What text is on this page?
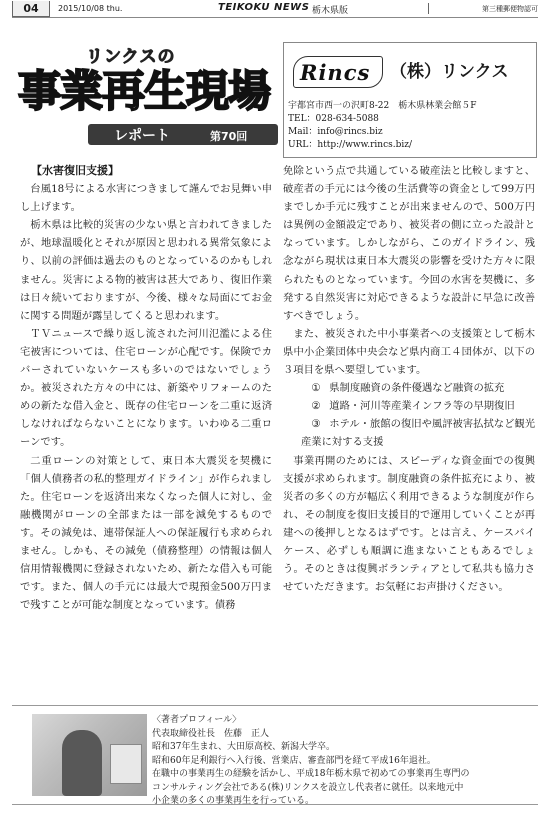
04	2015/10/08 thu.	TEIKOKU NEWS 栃木県版	第三種郵便物認可
リンクスの
事業再生現場
レポート	第70回
Rincs （株）リンクス
宇都宮市西一の沢町8-22　栃木県林業会館５F
TEL：028-634-5088
Mail：info@rincs.biz
URL：http://www.rincs.biz/

【水害復旧支援】

台風18号による水害につきまして謹んでお見舞い申し上げます。

栃木県は比較的災害の少ない県と言われてきましたが、地球温暖化とそれが原因と思われる異常気象により、以前の評価は過去のものとなっているのかもしれません。災害による物的被害は甚大であり、復旧作業は日々続いておりますが、今後、様々な局面にてお金に関する問題が露呈してくると思われます。

ＴＶニュースで繰り返し流された河川氾濫による住宅被害については、住宅ローンが心配です。保険でカバーされていないケースも多いのではないでしょうか。被災された方々の中には、新築やリフォームのための新たな借入金と、既存の住宅ローンを二重に返済しなければならないことになります。いわゆる二重ローンです。

二重ローンの対策として、東日本大震災を契機に「個人債務者の私的整理ガイドライン」が作られました。住宅ローンを返済出来なくなった個人に対し、金融機関がローンの全部または一部を減免するものです。その減免は、連帯保証人への保証履行も求められません。しかも、その減免（債務整理）の情報は個人信用情報機関に登録されないため、新たな借入も可能です。また、個人の手元には最大で現預金500万円まで残すことが可能な制度となっています。債務

免除という点で共通している破産法と比較しますと、破産者の手元には今後の生活費等の資金として99万円までしか手元に残すことが出来ませんので、500万円は異例の金額設定であり、被災者の側に立った設計となっています。しかしながら、このガイドライン、残念ながら現状は東日本大震災の影響を受けた方々に限られたものとなっています。今回の水害を契機に、多発する自然災害に対応できるような設計に早急に改善すべきでしょう。

また、被災された中小事業者への支援策として栃木県中小企業団体中央会など県内商工４団体が、以下の３項目を県へ要望しています。

① 県制度融資の条件優遇など融資の拡充

② 道路・河川等産業インフラ等の早期復旧

③ ホテル・旅館の復旧や風評被害払拭など観光産業に対する支援

事業再開のためには、スピーディな資金面での復興支援が求められます。制度融資の条件拡充により、被災者の多くの方が幅広く利用できるような制度が作られ、その制度を復旧支援目的で運用していくことが再建への後押しとなるはずです。とは言え、ケースバイケース、必ずしも順調に進まないこともあるでしょう。そのときは復興ボランティアとして私共も協力させていただきます。お気軽にお声掛けください。

〈著者プロフィール〉
代表取締役社長　佐藤　正人
昭和37年生まれ、大田原高校、新潟大学卒。
昭和60年足利銀行へ入行後、営業店、審査部門を経て平成16年退社。
在職中の事業再生の経験を活かし、平成18年栃木県で初めての事業再生専門の
コンサルティング会社である(株)リンクスを設立し代表者に就任。以来地元中
小企業の多くの事業再生を行っている。
